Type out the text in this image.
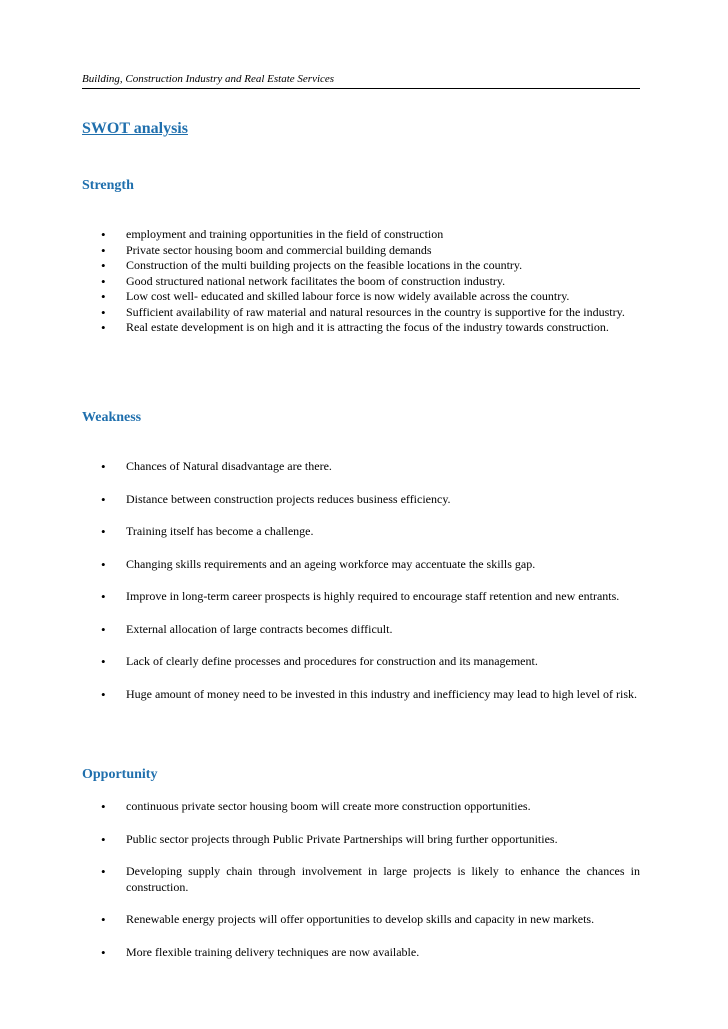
Building, Construction Industry and Real Estate Services
SWOT analysis
Strength
• employment and training opportunities in the field of construction
• Private sector housing boom and commercial building demands
• Construction of the multi building projects on the feasible locations in the country.
• Good structured national network facilitates the boom of construction industry.
• Low cost well- educated and skilled labour force is now widely available across the country.
• Sufficient availability of raw material and natural resources in the country is supportive for the industry.
• Real estate development is on high and it is attracting the focus of the industry towards construction.
Weakness
• Chances of Natural disadvantage are there.
• Distance between construction projects reduces business efficiency.
• Training itself has become a challenge.
• Changing skills requirements and an ageing workforce may accentuate the skills gap.
• Improve in long-term career prospects is highly required to encourage staff retention and new entrants.
• External allocation of large contracts becomes difficult.
• Lack of clearly define processes and procedures for construction and its management.
• Huge amount of money need to be invested in this industry and inefficiency may lead to high level of risk.
Opportunity
• continuous private sector housing boom will create more construction opportunities.
• Public sector projects through Public Private Partnerships will bring further opportunities.
• Developing supply chain through involvement in large projects is likely to enhance the chances in construction.
• Renewable energy projects will offer opportunities to develop skills and capacity in new markets.
• More flexible training delivery techniques are now available.
